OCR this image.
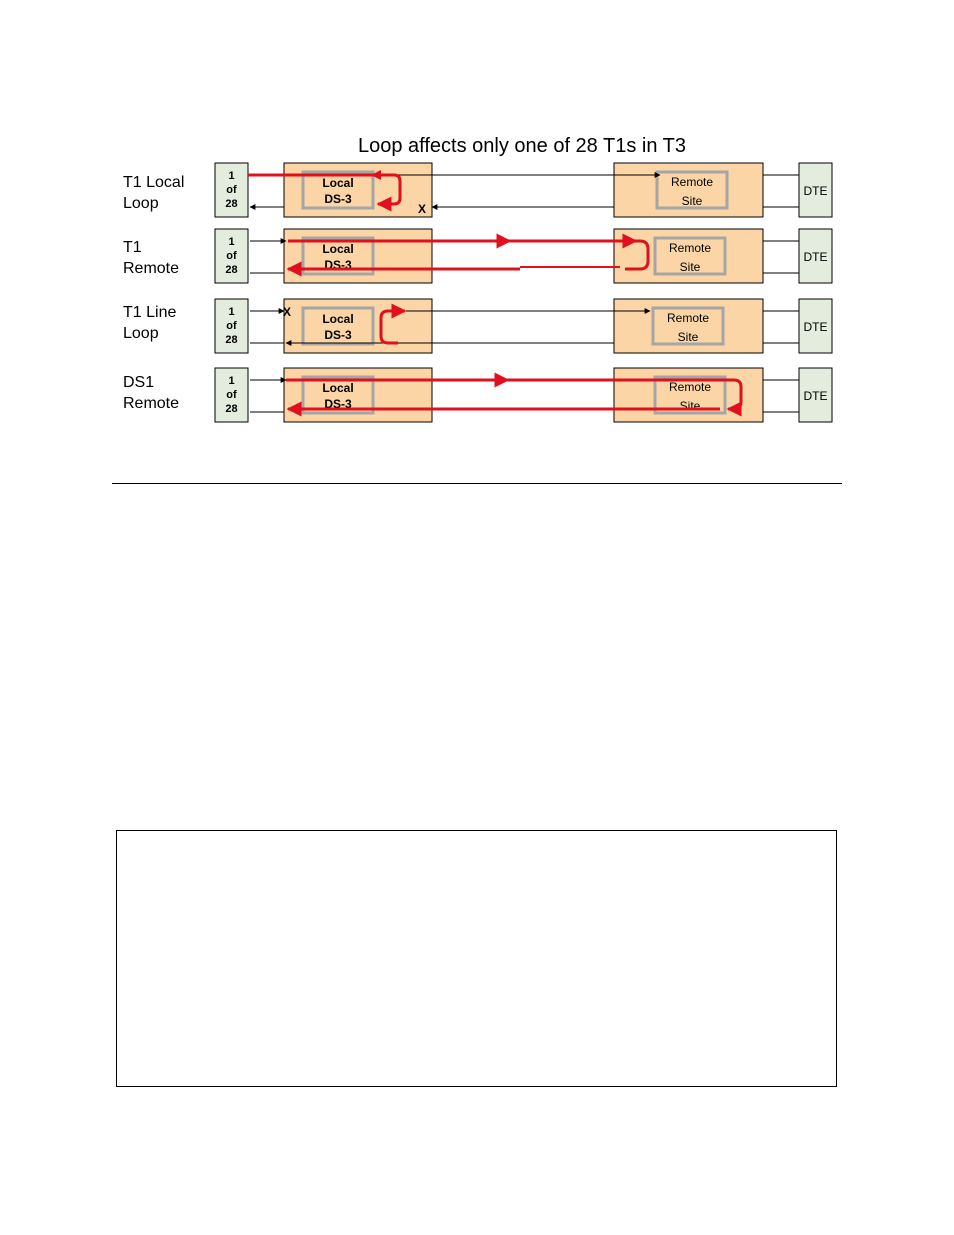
Loop affects only one of 28 T1s in T3
T1 Local Loop
1
of
28
Local
DS-3
Remote
Site
DTE
X
T1 Remote
1
of
28
Local
DS-3
Remote
Site
DTE
T1 Line Loop
1
of
28
Local
DS-3
Remote
Site
DTE
X
DS1 Remote
1
of
28
Local
DS-3
Remote
Site
DTE
